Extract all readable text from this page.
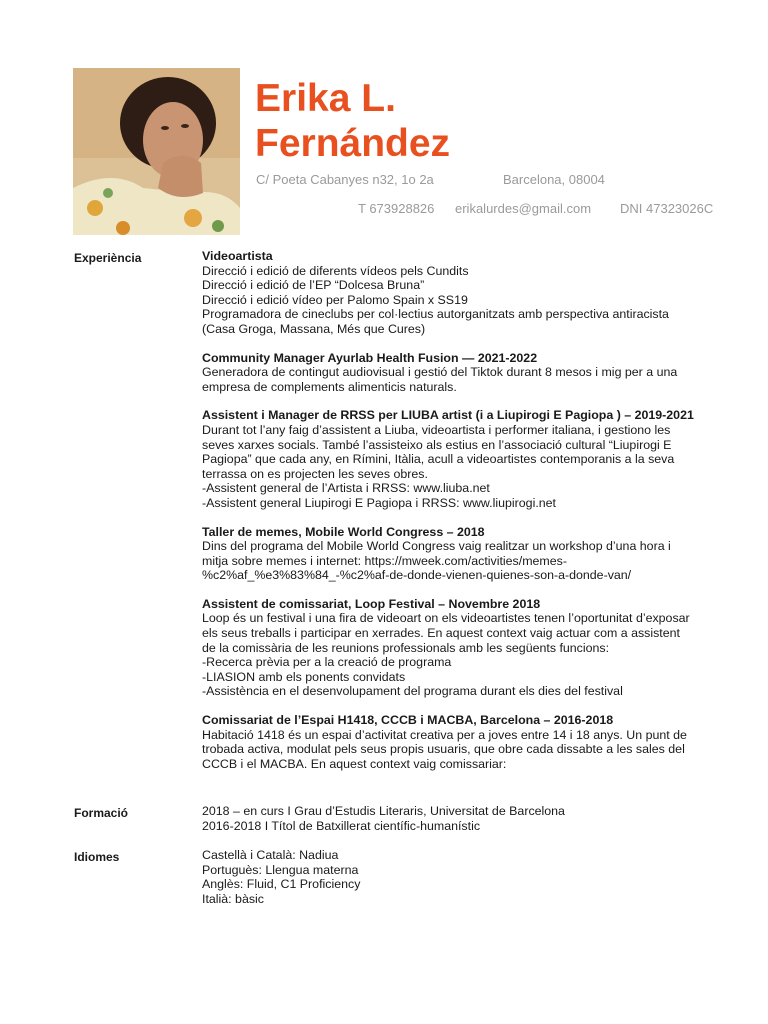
Erika L.
Fernández
C/ Poeta Cabanyes n32, 1o 2a	Barcelona, 08004
T 673928826 erikalurdes@gmail.com DNI 47323026C
Experiència	Videoartista

Direcció i edició de diferents vídeos pels Cundits
Direcció i edició de l’EP “Dolcesa Bruna”
Direcció i edició vídeo per Palomo Spain x SS19
Programadora de cineclubs per col·lectius autorganitzats amb perspectiva antiracista
(Casa Groga, Massana, Més que Cures)

Community Manager Ayurlab Health Fusion — 2021-2022

Generadora de contingut audiovisual i gestió del Tiktok durant 8 mesos i mig per a una
empresa de complements alimenticis naturals.

Assistent i Manager de RRSS per LIUBA artist (i a Liupirogi E Pagiopa ) – 2019-2021

Durant tot l’any faig d’assistent a Liuba, videoartista i performer italiana, i gestiono les
seves xarxes socials. També l’assisteixo als estius en l’associació cultural “Liupirogi E
Pagiopa” que cada any, en Rímini, Itàlia, acull a videoartistes contemporanis a la seva
terrassa on es projecten les seves obres.
-Assistent general de l’Artista i RRSS: www.liuba.net
-Assistent general Liupirogi E Pagiopa i RRSS: www.liupirogi.net

Taller de memes, Mobile World Congress – 2018

Dins del programa del Mobile World Congress vaig realitzar un workshop d’una hora i
mitja sobre memes i internet: https://mweek.com/activities/memes-
%c2%af_%e3%83%84_-%c2%af-de-donde-vienen-quienes-son-a-donde-van/

Assistent de comissariat, Loop Festival – Novembre 2018

Loop és un festival i una fira de videoart on els videoartistes tenen l’oportunitat d’exposar
els seus treballs i participar en xerrades. En aquest context vaig actuar com a assistent
de la comissària de les reunions professionals amb les següents funcions:
-Recerca prèvia per a la creació de programa
-LIASION amb els ponents convidats
-Assistència en el desenvolupament del programa durant els dies del festival

Comissariat de l’Espai H1418, CCCB i MACBA, Barcelona – 2016-2018

Habitació 1418 és un espai d’activitat creativa per a joves entre 14 i 18 anys. Un punt de
trobada activa, modulat pels seus propis usuaris, que obre cada dissabte a les sales del
CCCB i el MACBA. En aquest context vaig comissariar:

Formació	2018 – en curs I Grau d’Estudis Literaris, Universitat de Barcelona
2016-2018 I Títol de Batxillerat científic-humanístic
Idiomes	Castellà i Català: Nadiua
Portuguès: Llengua materna
Anglès: Fluid, C1 Proficiency
Italià: bàsic
